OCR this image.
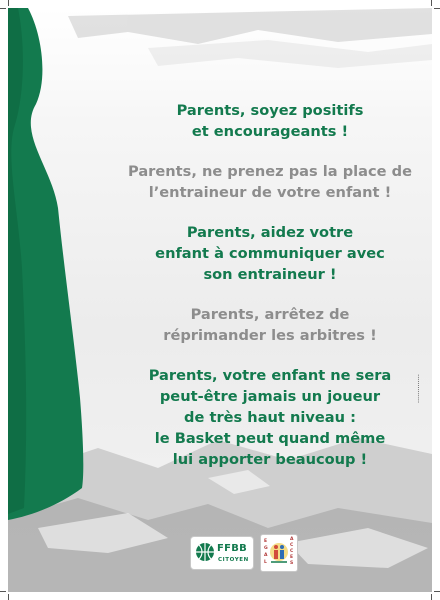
Parents, soyez positifs
et encourageants !
Parents, ne prenez pas la place de
l’entraineur de votre enfant !
Parents, aidez votre
enfant à communiquer avec
son entraineur !
Parents, arrêtez de
réprimander les arbitres !
Parents, votre enfant ne sera
peut-être jamais un joueur
de très haut niveau :
le Basket peut quand même
lui apporter beaucoup !
••••••••••••••
FFBB
CITOYEN
E
G
A
L
A
C
C
E
S
